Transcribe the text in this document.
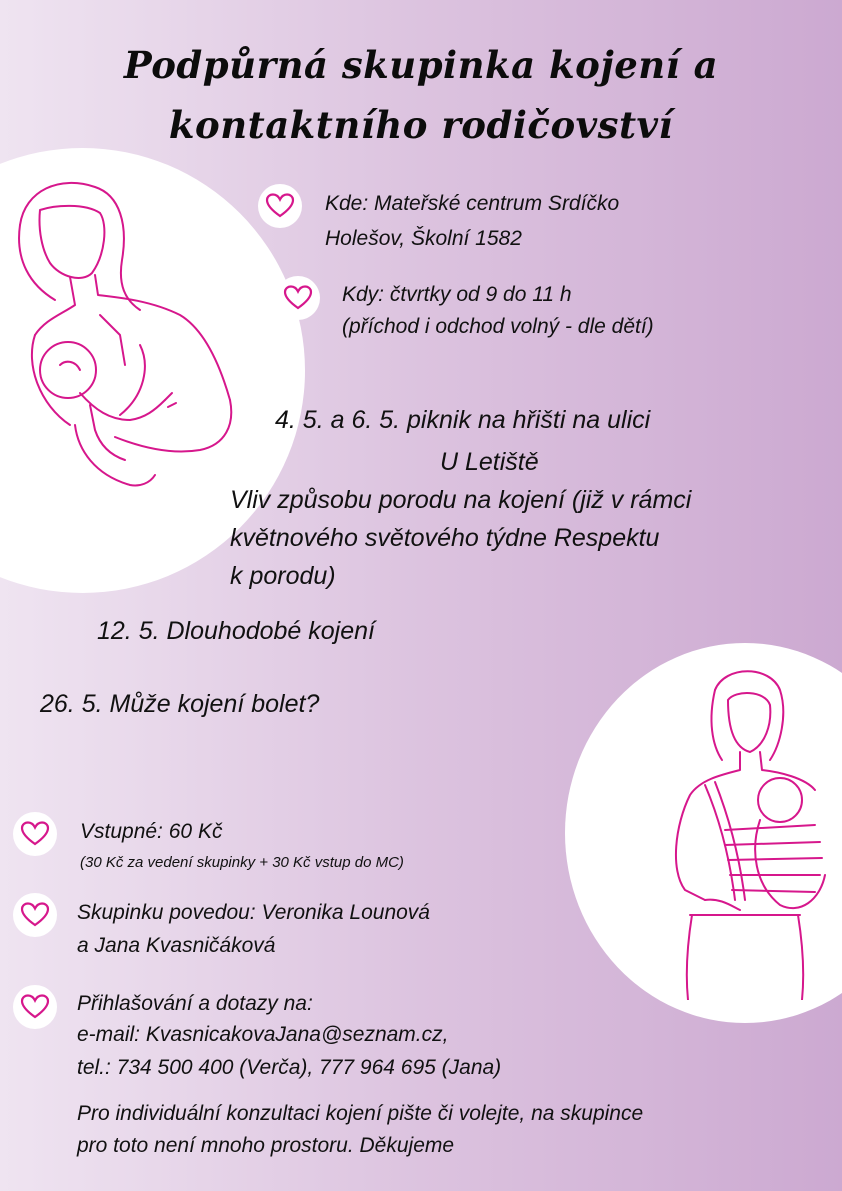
Podpůrná skupinka kojení a
kontaktního rodičovství
Kde: Mateřské centrum Srdíčko
Holešov, Školní 1582
Kdy: čtvrtky od 9 do 11 h
(příchod i odchod volný - dle dětí)
4. 5. a 6. 5. piknik na hřišti na ulici
U Letiště
Vliv způsobu porodu na kojení (již v rámci
květnového světového týdne Respektu
k porodu)
12. 5. Dlouhodobé kojení
26. 5. Může kojení bolet?
Vstupné: 60 Kč
(30 Kč za vedení skupinky + 30 Kč vstup do MC)
Skupinku povedou: Veronika Lounová
a Jana Kvasničáková
Přihlašování a dotazy na:
e-mail: KvasnicakovaJana@seznam.cz,
tel.: 734 500 400 (Verča), 777 964 695 (Jana)
Pro individuální konzultaci kojení pište či volejte, na skupince
pro toto není mnoho prostoru. Děkujeme
